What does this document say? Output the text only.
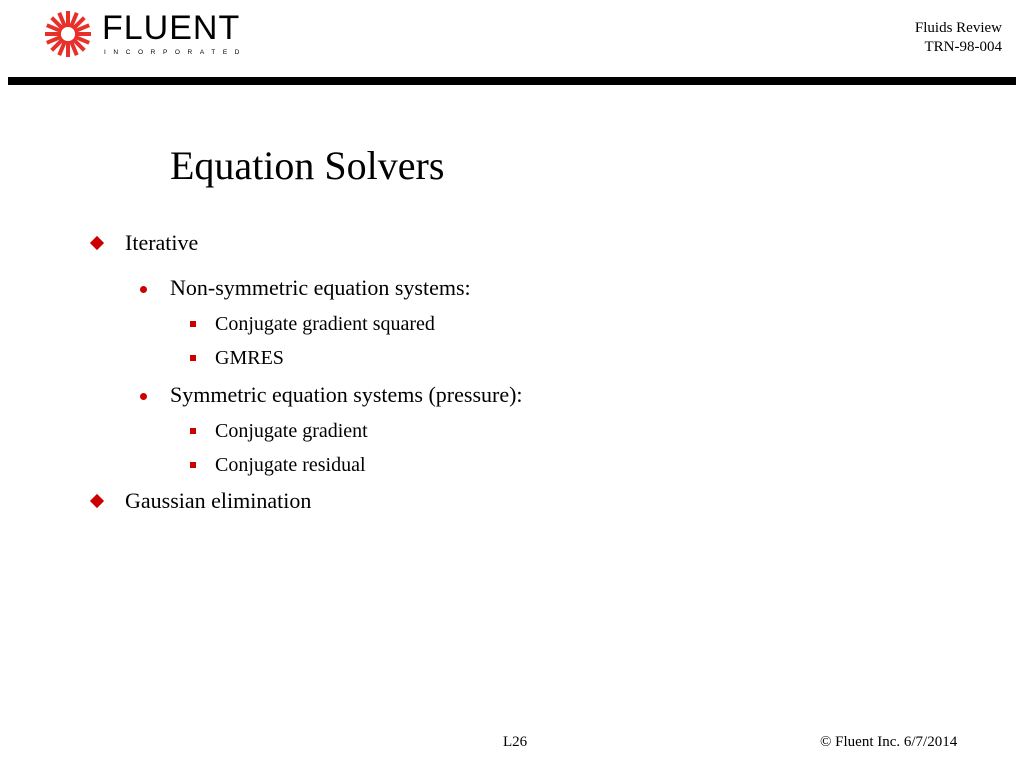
FLUENT
INCORPORATED
Fluids Review
TRN-98-004
Equation Solvers
Iterative
Non-symmetric equation systems:
Conjugate gradient squared
GMRES
Symmetric equation systems (pressure):
Conjugate gradient
Conjugate residual
Gaussian elimination
L26	© Fluent Inc. 6/7/2014
